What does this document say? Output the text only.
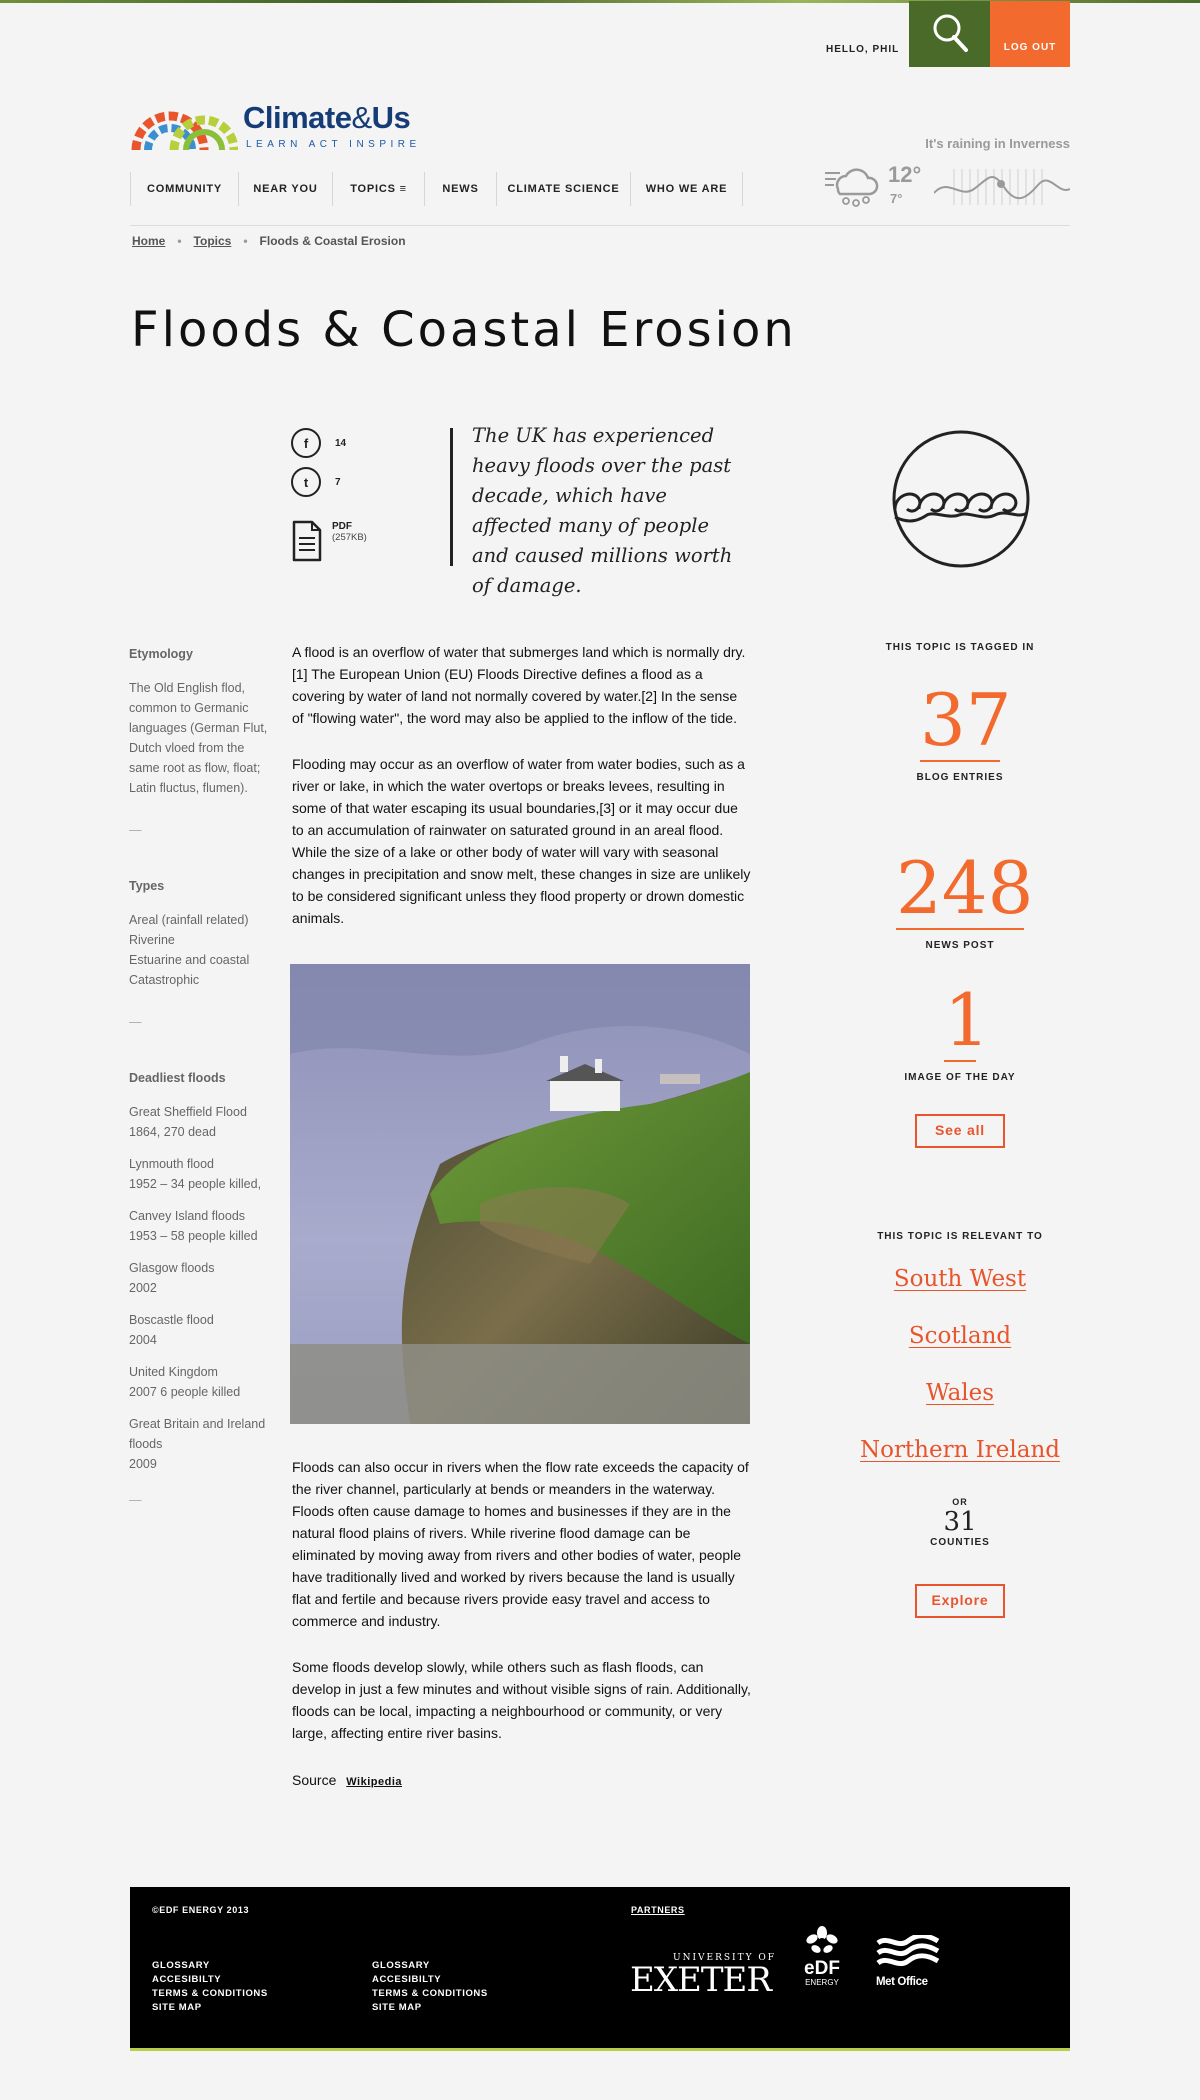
HELLO, PHIL	LOG OUT
Climate&Us
LEARN ACT INSPIRE	It's raining in Inverness
12°
7°
COMMUNITY	NEAR YOU	TOPICS ≡	NEWS	CLIMATE SCIENCE	WHO WE ARE
Home • Topics • Floods & Coastal Erosion
Floods & Coastal Erosion
f	14
t	7
PDF
(257KB)
The UK has experienced heavy floods over the past decade, which have affected many of people and caused millions worth of damage.
Etymology
The Old English flod, common to Germanic languages (German Flut, Dutch vloed from the same root as flow, float; Latin fluctus, flumen).
—
Types
Areal (rainfall related)
Riverine
Estuarine and coastal
Catastrophic
—
Deadliest floods
Great Sheffield Flood
1864, 270 dead
Lynmouth flood
1952 – 34 people killed,
Canvey Island floods
1953 – 58 people killed
Glasgow floods
2002
Boscastle flood
2004
United Kingdom
2007 6 people killed
Great Britain and Ireland floods
2009
—

A flood is an overflow of water that submerges land which is normally dry.[1] The European Union (EU) Floods Directive defines a flood as a covering by water of land not normally covered by water.[2] In the sense of "flowing water", the word may also be applied to the inflow of the tide.

Flooding may occur as an overflow of water from water bodies, such as a river or lake, in which the water overtops or breaks levees, resulting in some of that water escaping its usual boundaries,[3] or it may occur due to an accumulation of rainwater on saturated ground in an areal flood. While the size of a lake or other body of water will vary with seasonal changes in precipitation and snow melt, these changes in size are unlikely to be considered significant unless they flood property or drown domestic animals.

Floods can also occur in rivers when the flow rate exceeds the capacity of the river channel, particularly at bends or meanders in the waterway. Floods often cause damage to homes and businesses if they are in the natural flood plains of rivers. While riverine flood damage can be eliminated by moving away from rivers and other bodies of water, people have traditionally lived and worked by rivers because the land is usually flat and fertile and because rivers provide easy travel and access to commerce and industry.

Some floods develop slowly, while others such as flash floods, can develop in just a few minutes and without visible signs of rain. Additionally, floods can be local, impacting a neighbourhood or community, or very large, affecting entire river basins.

Source Wikipedia
THIS TOPIC IS TAGGED IN
37
BLOG ENTRIES
248
NEWS POST
1
IMAGE OF THE DAY
See all
THIS TOPIC IS RELEVANT TO
South West
Scotland
Wales
Northern Ireland
OR
31
COUNTIES
Explore
©EDF ENERGY 2013
GLOSSARY
ACCESIBILTY
TERMS & CONDITIONS
SITE MAP
GLOSSARY
ACCESIBILTY
TERMS & CONDITIONS
SITE MAP
PARTNERS
UNIVERSITY OF
EXETER eDF
ENERGY	Met Office
